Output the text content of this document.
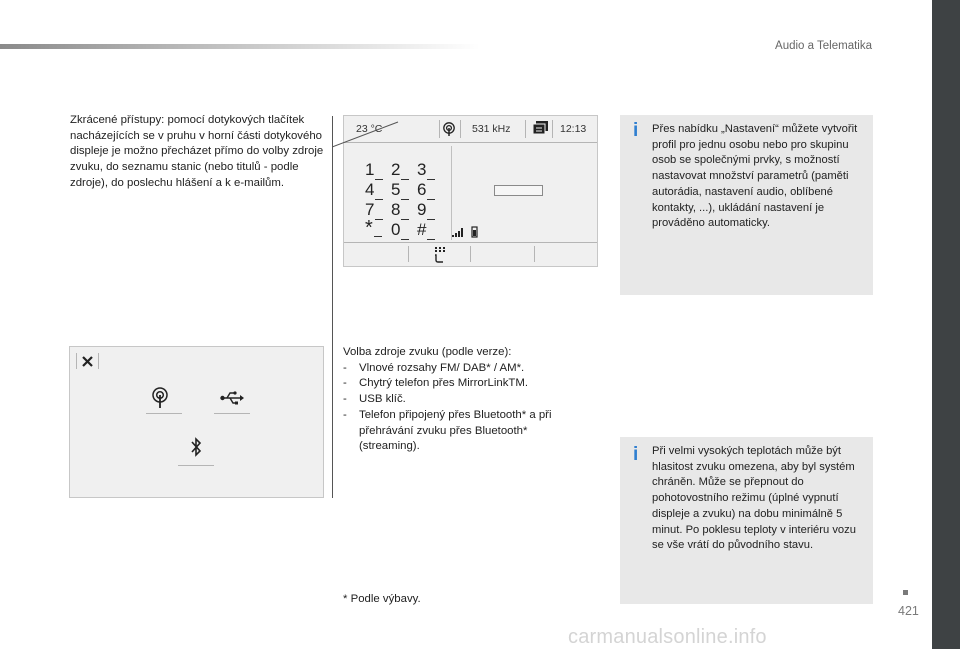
Audio a Telematika
Zkrácené přístupy: pomocí dotykových tlačítek nacházejících se v pruhu v horní části dotykového displeje je možno přecházet přímo do volby zdroje zvuku, do seznamu stanic (nebo titulů - podle zdroje), do poslechu hlášení a k e-mailům.
23 °C	531 kHz	12:13
1 2 3
4 5 6
7 8 9
*	0 #
Volba zdroje zvuku (podle verze):
-	Vlnové rozsahy FM/ DAB* / AM*.
-	Chytrý telefon přes MirrorLinkTM.
-	USB klíč.
-	Telefon připojený přes Bluetooth* a při přehrávání zvuku přes Bluetooth* (streaming).
* Podle výbavy.
i Přes nabídku „Nastavení“ můžete vytvořit profil pro jednu osobu nebo pro skupinu osob se společnými prvky, s možností nastavovat množství parametrů (paměti autorádia, nastavení audio, oblíbené kontakty, ...), ukládání nastavení je prováděno automaticky.
i Při velmi vysokých teplotách může být hlasitost zvuku omezena, aby byl systém chráněn. Může se přepnout do pohotovostního režimu (úplné vypnutí displeje a zvuku) na dobu minimálně 5 minut. Po poklesu teploty v interiéru vozu se vše vrátí do původního stavu.
421
carmanualsonline.info
